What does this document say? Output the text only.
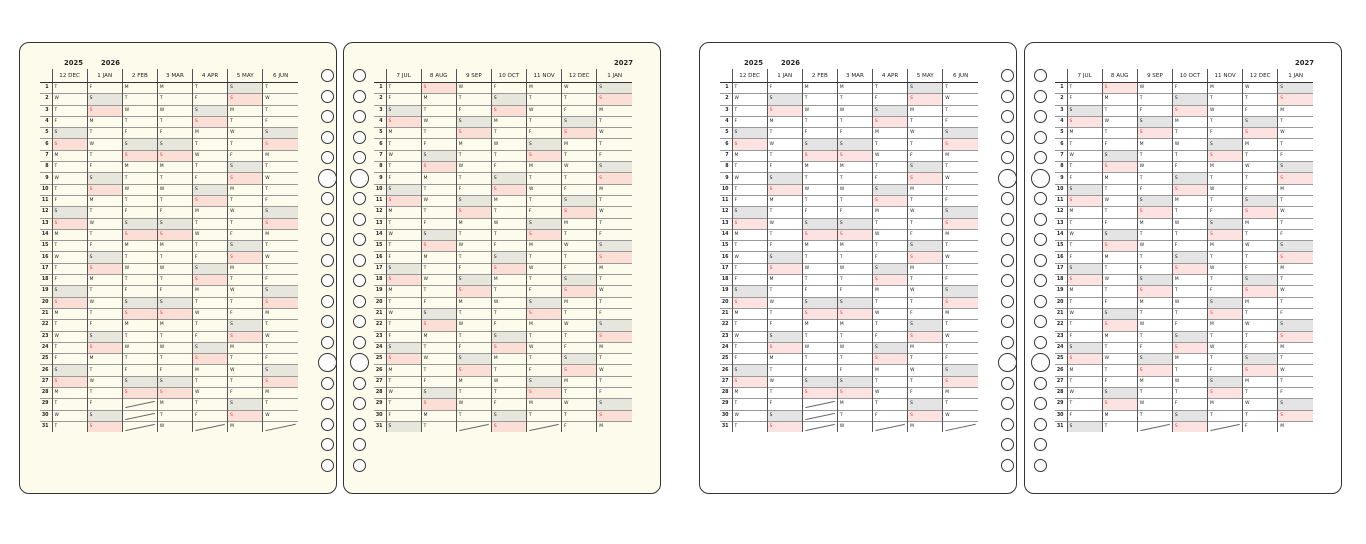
2025	2026
	12 DEC	1 JAN	2 FEB	3 MAR	4 APR	5 MAY	6 JUN
1	T	F	M	M	T	S	T
2	W	S	T	T	F	S	W
3	T	S	W	W	S	M	T
4	F	M	T	T	S	T	F
5	S	T	F	F	M	W	S
6	S	W	S	S	T	T	S
7	M	T	S	S	W	F	M
8	T	F	M	M	T	S	T
9	W	S	T	T	F	S	W
10	T	S	W	W	S	M	T
11	F	M	T	T	S	T	F
12	S	T	F	F	M	W	S
13	S	W	S	S	T	T	S
14	M	T	S	S	W	F	M
15	T	F	M	M	T	S	T
16	W	S	T	T	F	S	W
17	T	S	W	W	S	M	T
18	F	M	T	T	S	T	F
19	S	T	F	F	M	W	S
20	S	W	S	S	T	T	S
21	M	T	S	S	W	F	M
22	T	F	M	M	T	S	T
23	W	S	T	T	F	S	W
24	T	S	W	W	S	M	T
25	F	M	T	T	S	T	F
26	S	T	F	F	M	W	S
27	S	W	S	S	T	T	S
28	M	T	S	S	W	F	M
29	T	F		M	T	S	T
30	W	S		T	F	S	W
31	T	S		W		M	
2027
	7 JUL	8 AUG	9 SEP	10 OCT	11 NOV	12 DEC	1 JAN
1	T	S	W	F	M	W	S
2	F	M	T	S	T	T	S
3	S	T	F	S	W	F	M
4	S	W	S	M	T	S	T
5	M	T	S	T	F	S	W
6	T	F	M	W	S	M	T
7	W	S	T	T	S	T	F
8	T	S	W	F	M	W	S
9	F	M	T	S	T	T	S
10	S	T	F	S	W	F	M
11	S	W	S	M	T	S	T
12	M	T	S	T	F	S	W
13	T	F	M	W	S	M	T
14	W	S	T	T	S	T	F
15	T	S	W	F	M	W	S
16	F	M	T	S	T	T	S
17	S	T	F	S	W	F	M
18	S	W	S	M	T	S	T
19	M	T	S	T	F	S	W
20	T	F	M	W	S	M	T
21	W	S	T	T	S	T	F
22	T	S	W	F	M	W	S
23	F	M	T	S	T	T	S
24	S	T	F	S	W	F	M
25	S	W	S	M	T	S	T
26	M	T	S	T	F	S	W
27	T	F	M	W	S	M	T
28	W	S	T	T	S	T	F
29	T	S	W	F	M	W	S
30	F	M	T	S	T	T	S
31	S	T		S		F	M
2025	2026
	12 DEC	1 JAN	2 FEB	3 MAR	4 APR	5 MAY	6 JUN
1	T	F	M	M	T	S	T
2	W	S	T	T	F	S	W
3	T	S	W	W	S	M	T
4	F	M	T	T	S	T	F
5	S	T	F	F	M	W	S
6	S	W	S	S	T	T	S
7	M	T	S	S	W	F	M
8	T	F	M	M	T	S	T
9	W	S	T	T	F	S	W
10	T	S	W	W	S	M	T
11	F	M	T	T	S	T	F
12	S	T	F	F	M	W	S
13	S	W	S	S	T	T	S
14	M	T	S	S	W	F	M
15	T	F	M	M	T	S	T
16	W	S	T	T	F	S	W
17	T	S	W	W	S	M	T
18	F	M	T	T	S	T	F
19	S	T	F	F	M	W	S
20	S	W	S	S	T	T	S
21	M	T	S	S	W	F	M
22	T	F	M	M	T	S	T
23	W	S	T	T	F	S	W
24	T	S	W	W	S	M	T
25	F	M	T	T	S	T	F
26	S	T	F	F	M	W	S
27	S	W	S	S	T	T	S
28	M	T	S	S	W	F	M
29	T	F		M	T	S	T
30	W	S		T	F	S	W
31	T	S		W		M	
2027
	7 JUL	8 AUG	9 SEP	10 OCT	11 NOV	12 DEC	1 JAN
1	T	S	W	F	M	W	S
2	F	M	T	S	T	T	S
3	S	T	F	S	W	F	M
4	S	W	S	M	T	S	T
5	M	T	S	T	F	S	W
6	T	F	M	W	S	M	T
7	W	S	T	T	S	T	F
8	T	S	W	F	M	W	S
9	F	M	T	S	T	T	S
10	S	T	F	S	W	F	M
11	S	W	S	M	T	S	T
12	M	T	S	T	F	S	W
13	T	F	M	W	S	M	T
14	W	S	T	T	S	T	F
15	T	S	W	F	M	W	S
16	F	M	T	S	T	T	S
17	S	T	F	S	W	F	M
18	S	W	S	M	T	S	T
19	M	T	S	T	F	S	W
20	T	F	M	W	S	M	T
21	W	S	T	T	S	T	F
22	T	S	W	F	M	W	S
23	F	M	T	S	T	T	S
24	S	T	F	S	W	F	M
25	S	W	S	M	T	S	T
26	M	T	S	T	F	S	W
27	T	F	M	W	S	M	T
28	W	S	T	T	S	T	F
29	T	S	W	F	M	W	S
30	F	M	T	S	T	T	S
31	S	T		S		F	M
